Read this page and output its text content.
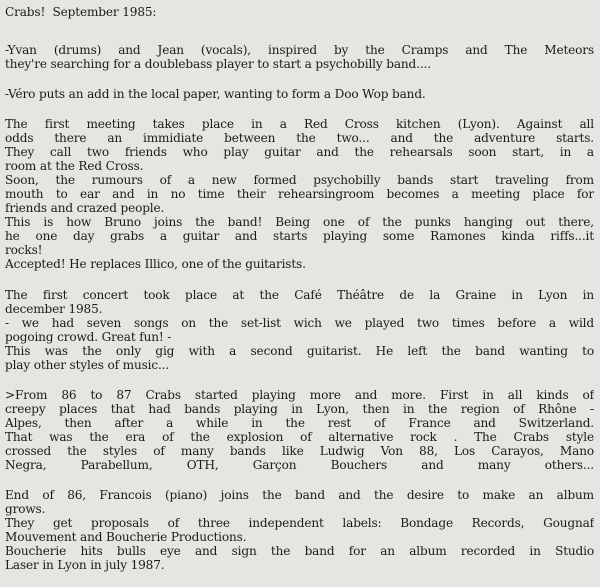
Crabs!  September 1985:
-Yvan (drums) and Jean (vocals), inspired by the Cramps and The Meteors
they're searching for a doublebass player to start a psychobilly band....
-Véro puts an add in the local paper, wanting to form a Doo Wop band.
The first meeting takes place in a Red Cross kitchen (Lyon). Against all
odds there an immidiate between the two... and the adventure starts.
They call two friends who play guitar and the rehearsals soon start, in a
room at the Red Cross.
Soon, the rumours of a new formed psychobilly bands start traveling from
mouth to ear and in no time their rehearsingroom becomes a meeting place for
friends and crazed people.
This is how Bruno joins the band! Being one of the punks hanging out there,
he one day grabs a guitar and starts playing some Ramones kinda riffs...it
rocks!
Accepted! He replaces Illico, one of the guitarists.
The first concert took place at the Café Théâtre de la Graine in Lyon in
december 1985.
- we had seven songs on the set-list wich we played two times before a wild
pogoing crowd. Great fun! -
This was the only gig with a second guitarist. He left the band wanting to
play other styles of music...
>From 86 to 87 Crabs started playing more and more. First in all kinds of
creepy places that had bands playing in Lyon, then in the region of Rhône -
Alpes, then after a while in the rest of France and Switzerland.
That was the era of the explosion of alternative rock . The Crabs style
crossed the styles of many bands like Ludwig Von 88, Los Carayos, Mano
Negra, Parabellum, OTH, Garçon Bouchers and many others...
End of 86, Francois (piano) joins the band and the desire to make an album
grows.
They get proposals of three independent labels: Bondage Records, Gougnaf
Mouvement and Boucherie Productions.
Boucherie hits bulls eye and sign the band for an album recorded in Studio
Laser in Lyon in july 1987.
